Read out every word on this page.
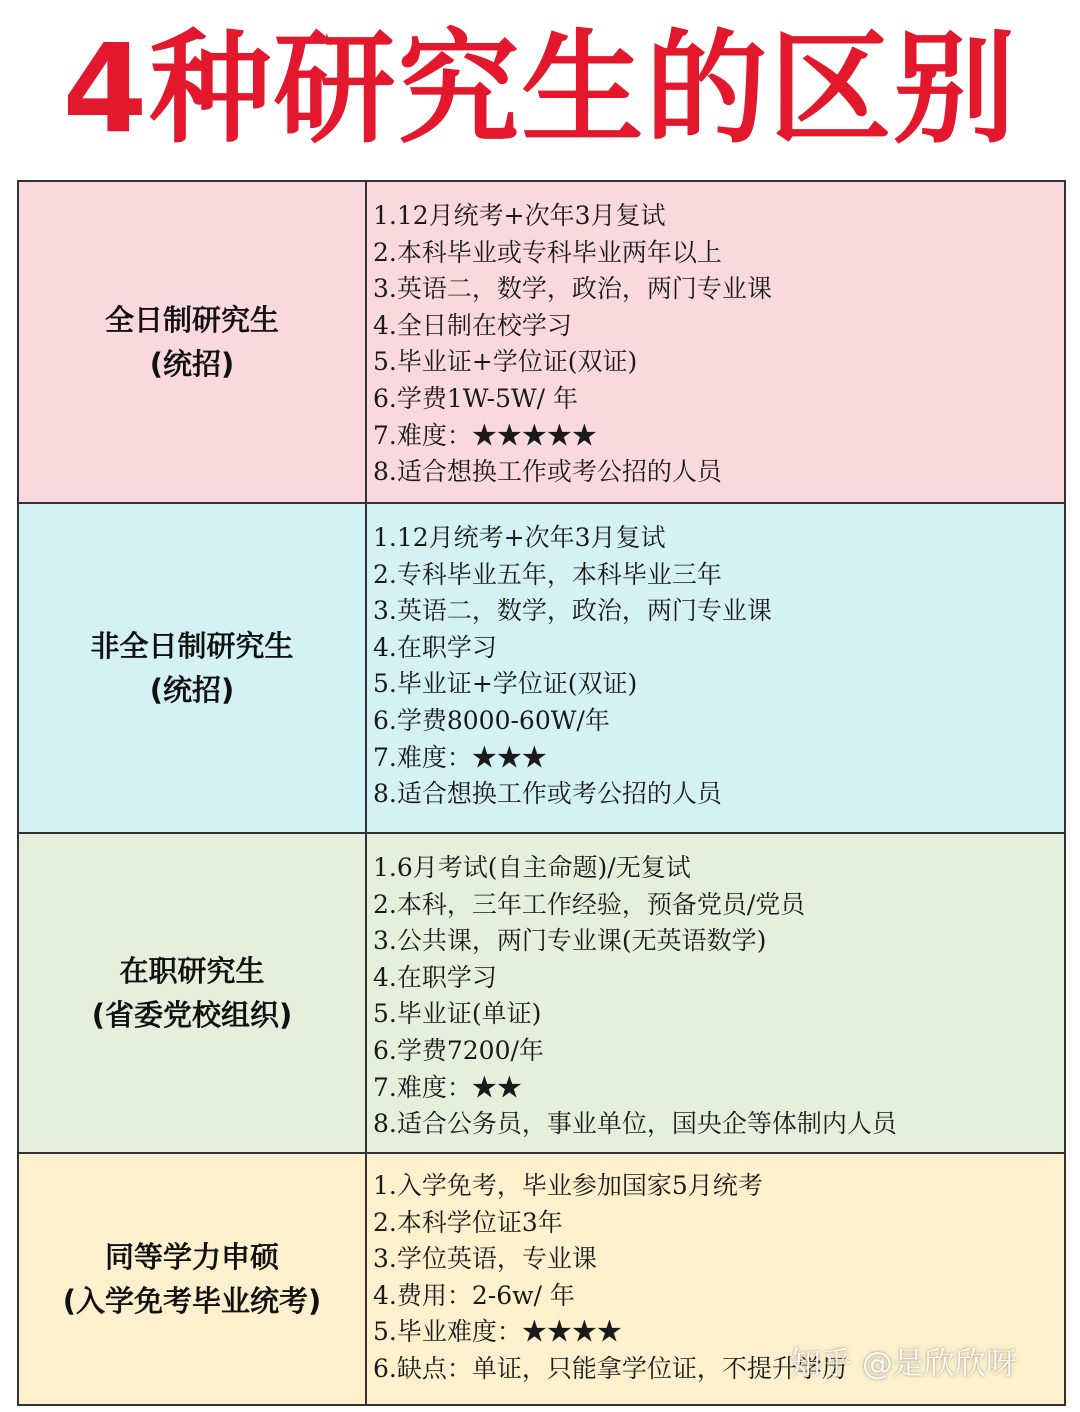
4种研究生的区别
全日制研究生
(统招)
1.12月统考+次年3月复试
2.本科毕业或专科毕业两年以上
3.英语二，数学，政治，两门专业课
4.全日制在校学习
5.毕业证+学位证(双证)
6.学费1W-5W/ 年
7.难度：★★★★★
8.适合想换工作或考公招的人员
非全日制研究生
(统招)
1.12月统考+次年3月复试
2.专科毕业五年，本科毕业三年
3.英语二，数学，政治，两门专业课
4.在职学习
5.毕业证+学位证(双证)
6.学费8000-60W/年
7.难度：★★★
8.适合想换工作或考公招的人员
在职研究生
(省委党校组织)
1.6月考试(自主命题)/无复试
2.本科，三年工作经验，预备党员/党员
3.公共课，两门专业课(无英语数学)
4.在职学习
5.毕业证(单证)
6.学费7200/年
7.难度：★★
8.适合公务员，事业单位，国央企等体制内人员
同等学力申硕
(入学免考毕业统考)
1.入学免考，毕业参加国家5月统考
2.本科学位证3年
3.学位英语，专业课
4.费用：2-6w/ 年
5.毕业难度：★★★★
6.缺点：单证，只能拿学位证，不提升学历
知乎 @是欣欣呀
